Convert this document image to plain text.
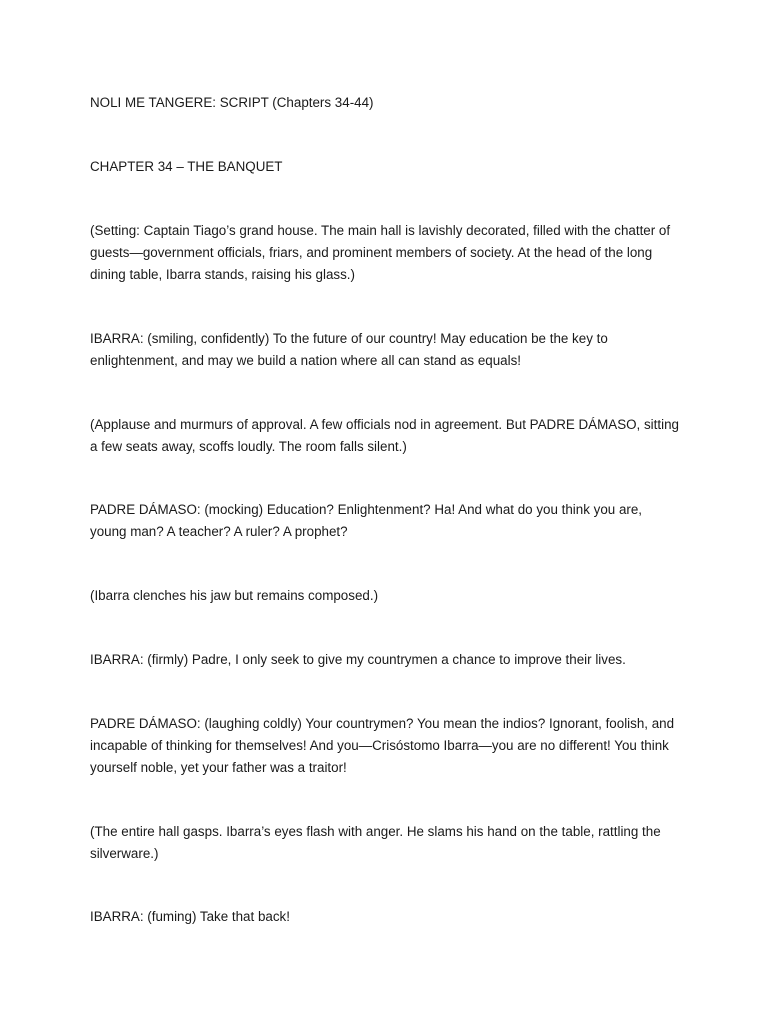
NOLI ME TANGERE: SCRIPT (Chapters 34-44)

CHAPTER 34 – THE BANQUET

(Setting: Captain Tiago’s grand house. The main hall is lavishly decorated, filled with the chatter of guests—government officials, friars, and prominent members of society. At the head of the long dining table, Ibarra stands, raising his glass.)

IBARRA: (smiling, confidently) To the future of our country! May education be the key to enlightenment, and may we build a nation where all can stand as equals!

(Applause and murmurs of approval. A few officials nod in agreement. But PADRE DÁMASO, sitting a few seats away, scoffs loudly. The room falls silent.)

PADRE DÁMASO: (mocking) Education? Enlightenment? Ha! And what do you think you are, young man? A teacher? A ruler? A prophet?

(Ibarra clenches his jaw but remains composed.)

IBARRA: (firmly) Padre, I only seek to give my countrymen a chance to improve their lives.

PADRE DÁMASO: (laughing coldly) Your countrymen? You mean the indios? Ignorant, foolish, and incapable of thinking for themselves! And you—Crisóstomo Ibarra—you are no different! You think yourself noble, yet your father was a traitor!

(The entire hall gasps. Ibarra’s eyes flash with anger. He slams his hand on the table, rattling the silverware.)

IBARRA: (fuming) Take that back!
